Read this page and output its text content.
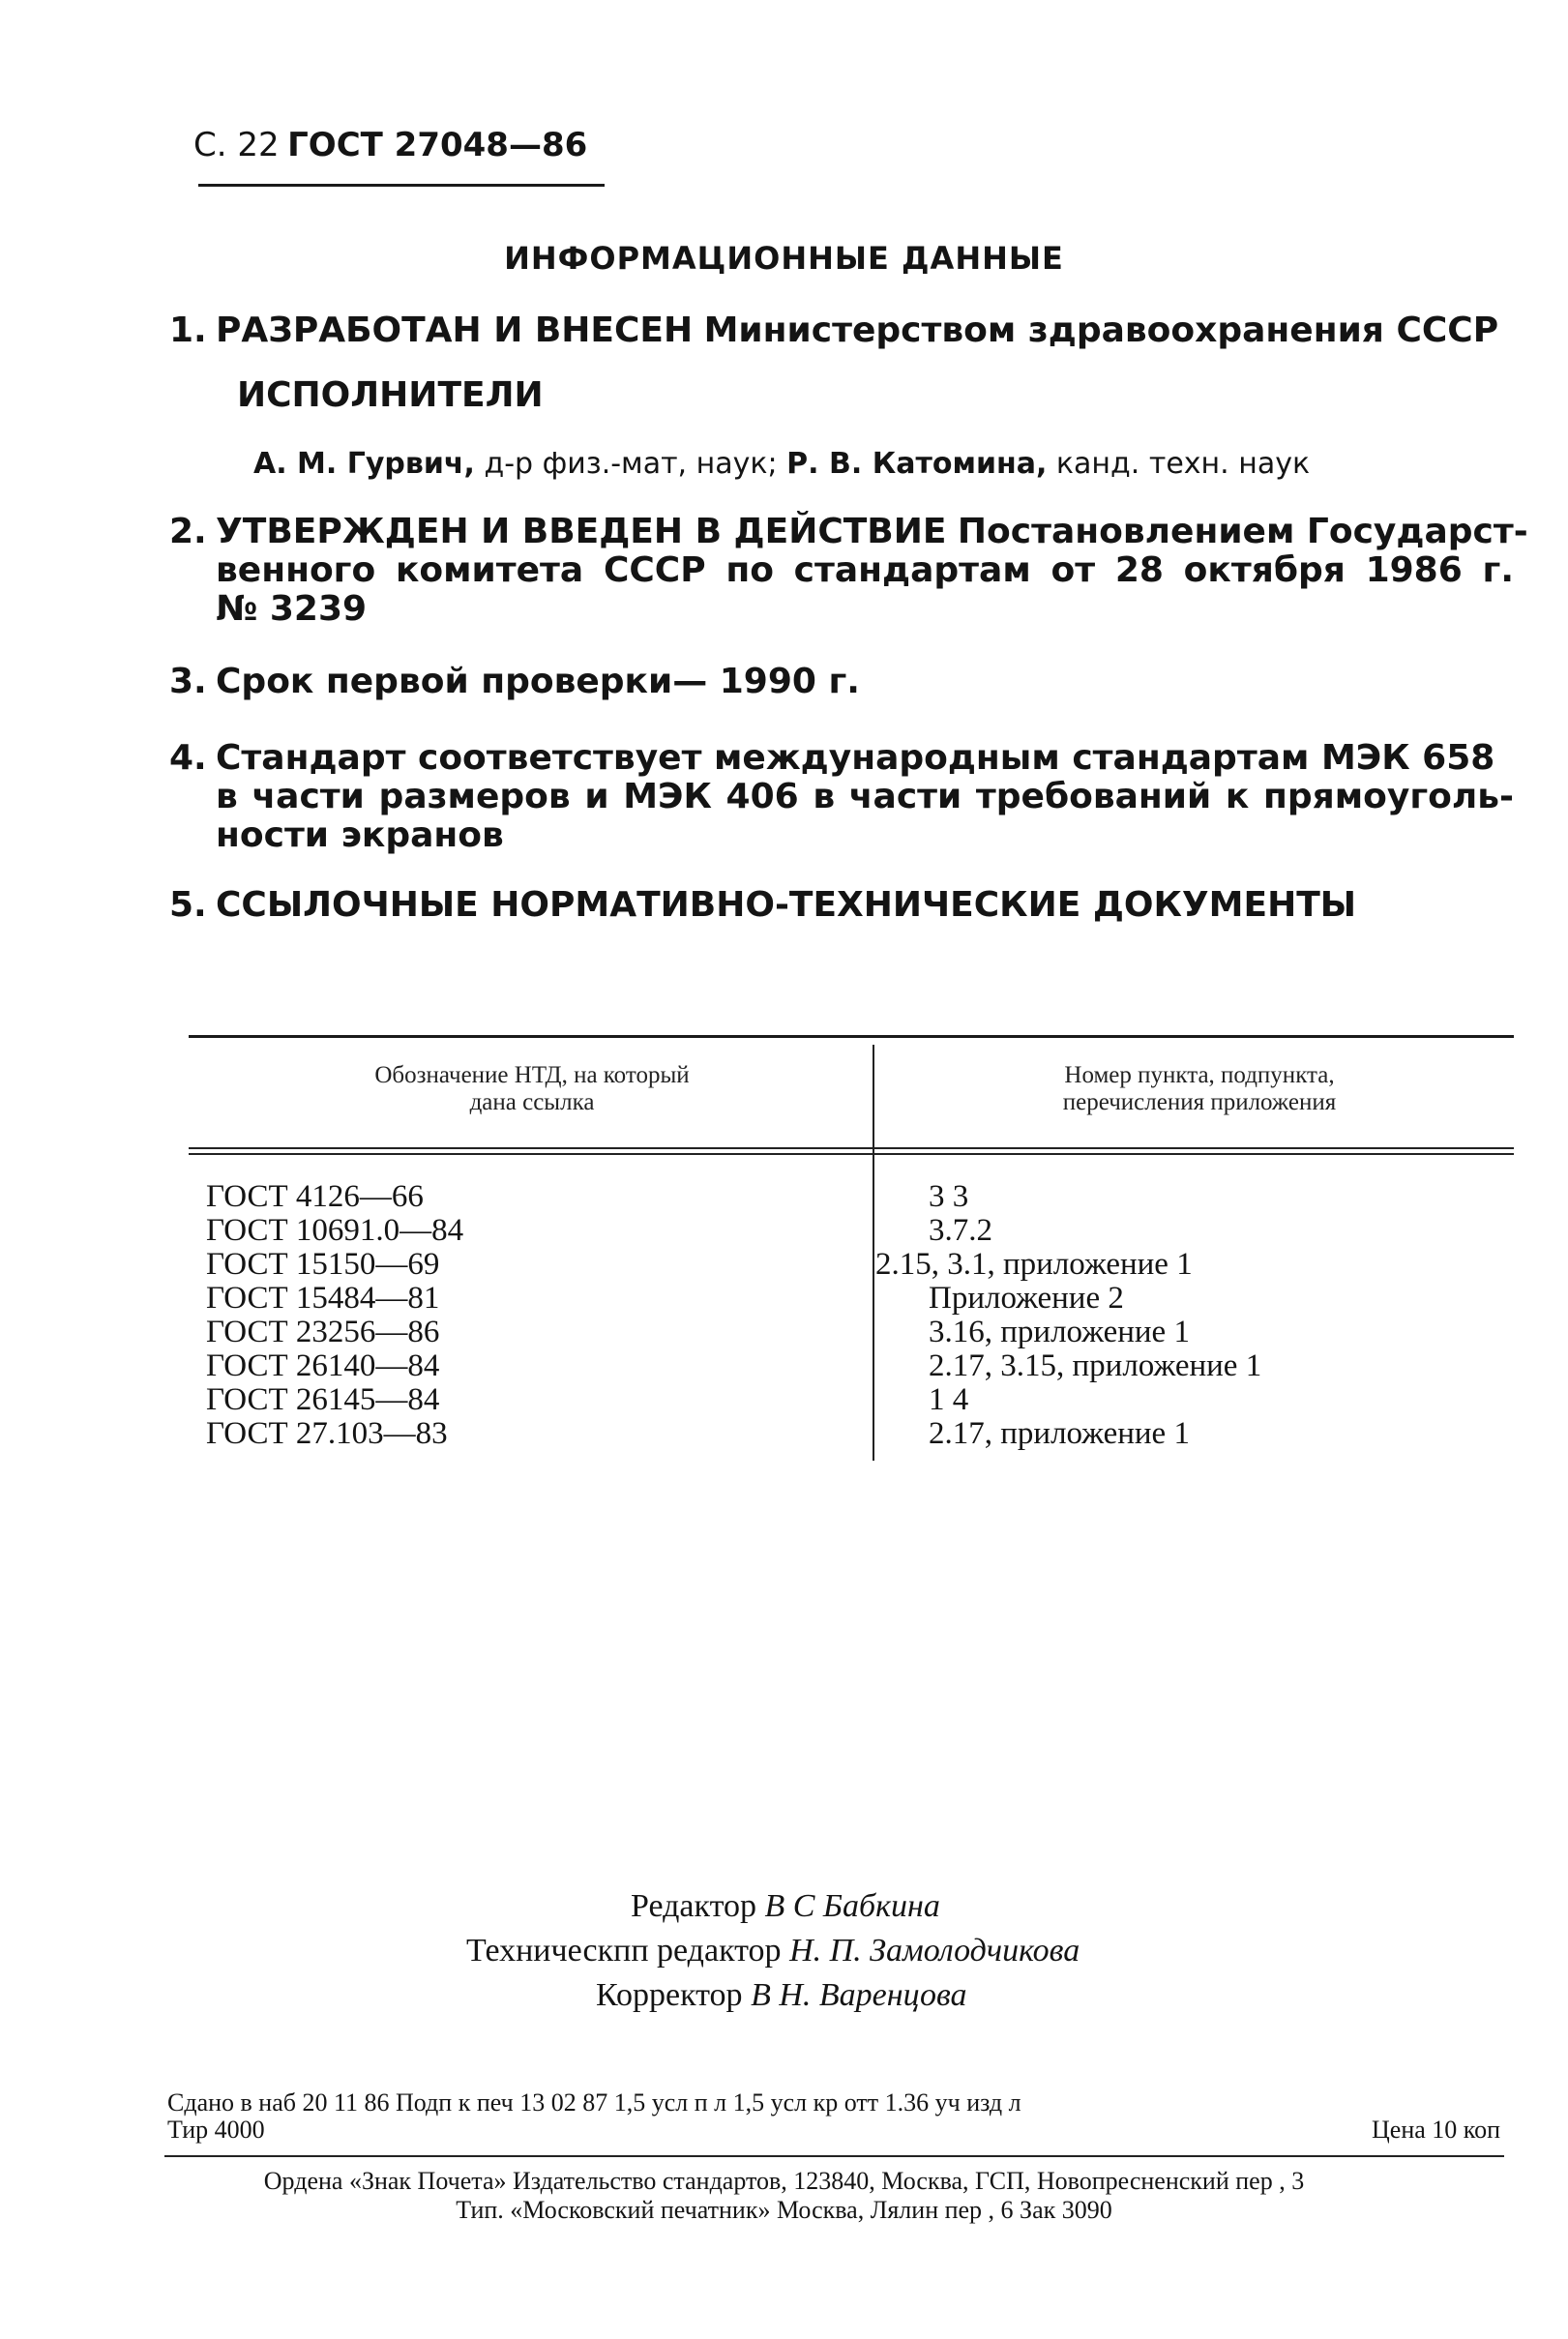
С. 22 ГОСТ 27048—86
ИНФОРМАЦИОННЫЕ ДАННЫЕ
1. РАЗРАБОТАН И ВНЕСЕН Министерством здравоохранения СССР
ИСПОЛНИТЕЛИ
А. М. Гурвич, д-р физ.-мат, наук; Р. В. Катомина, канд. техн. наук
2. УТВЕРЖДЕН И ВВЕДЕН В ДЕЙСТВИЕ Постановлением Государст-
венного комитета СССР по стандартам от 28 октября 1986 г.
№ 3239
3. Срок первой проверки— 1990 г.
4. Стандарт соответствует международным стандартам МЭК 658
в части размеров и МЭК 406 в части требований к прямоуголь-
ности экранов
5. ССЫЛОЧНЫЕ НОРМАТИВНО-ТЕХНИЧЕСКИЕ ДОКУМЕНТЫ
Обозначение НТД, на который
дана ссылка
Номер пункта, подпункта,
перечисления приложения
ГОСТ 4126—66
ГОСТ 10691.0—84
ГОСТ 15150—69
ГОСТ 15484—81
ГОСТ 23256—86
ГОСТ 26140—84
ГОСТ 26145—84
ГОСТ 27.103—83
3 3
3.7.2
2.15, 3.1, приложение 1
Приложение 2
3.16, приложение 1
2.17, 3.15, приложение 1
1 4
2.17, приложение 1
Редактор В С Бабкина
Техническпп редактор Н. П. Замолодчикова
Корректор В Н. Варенцова
Сдано в наб 20 11 86 Подп к печ 13 02 87 1,5 усл п л 1,5 усл кр отт 1.36 уч изд л
Тир 4000	Цена 10 коп
Ордена «Знак Почета» Издательство стандартов, 123840, Москва, ГСП, Новопресненский пер , 3
Тип. «Московский печатник» Москва, Лялин пер , 6 Зак 3090
